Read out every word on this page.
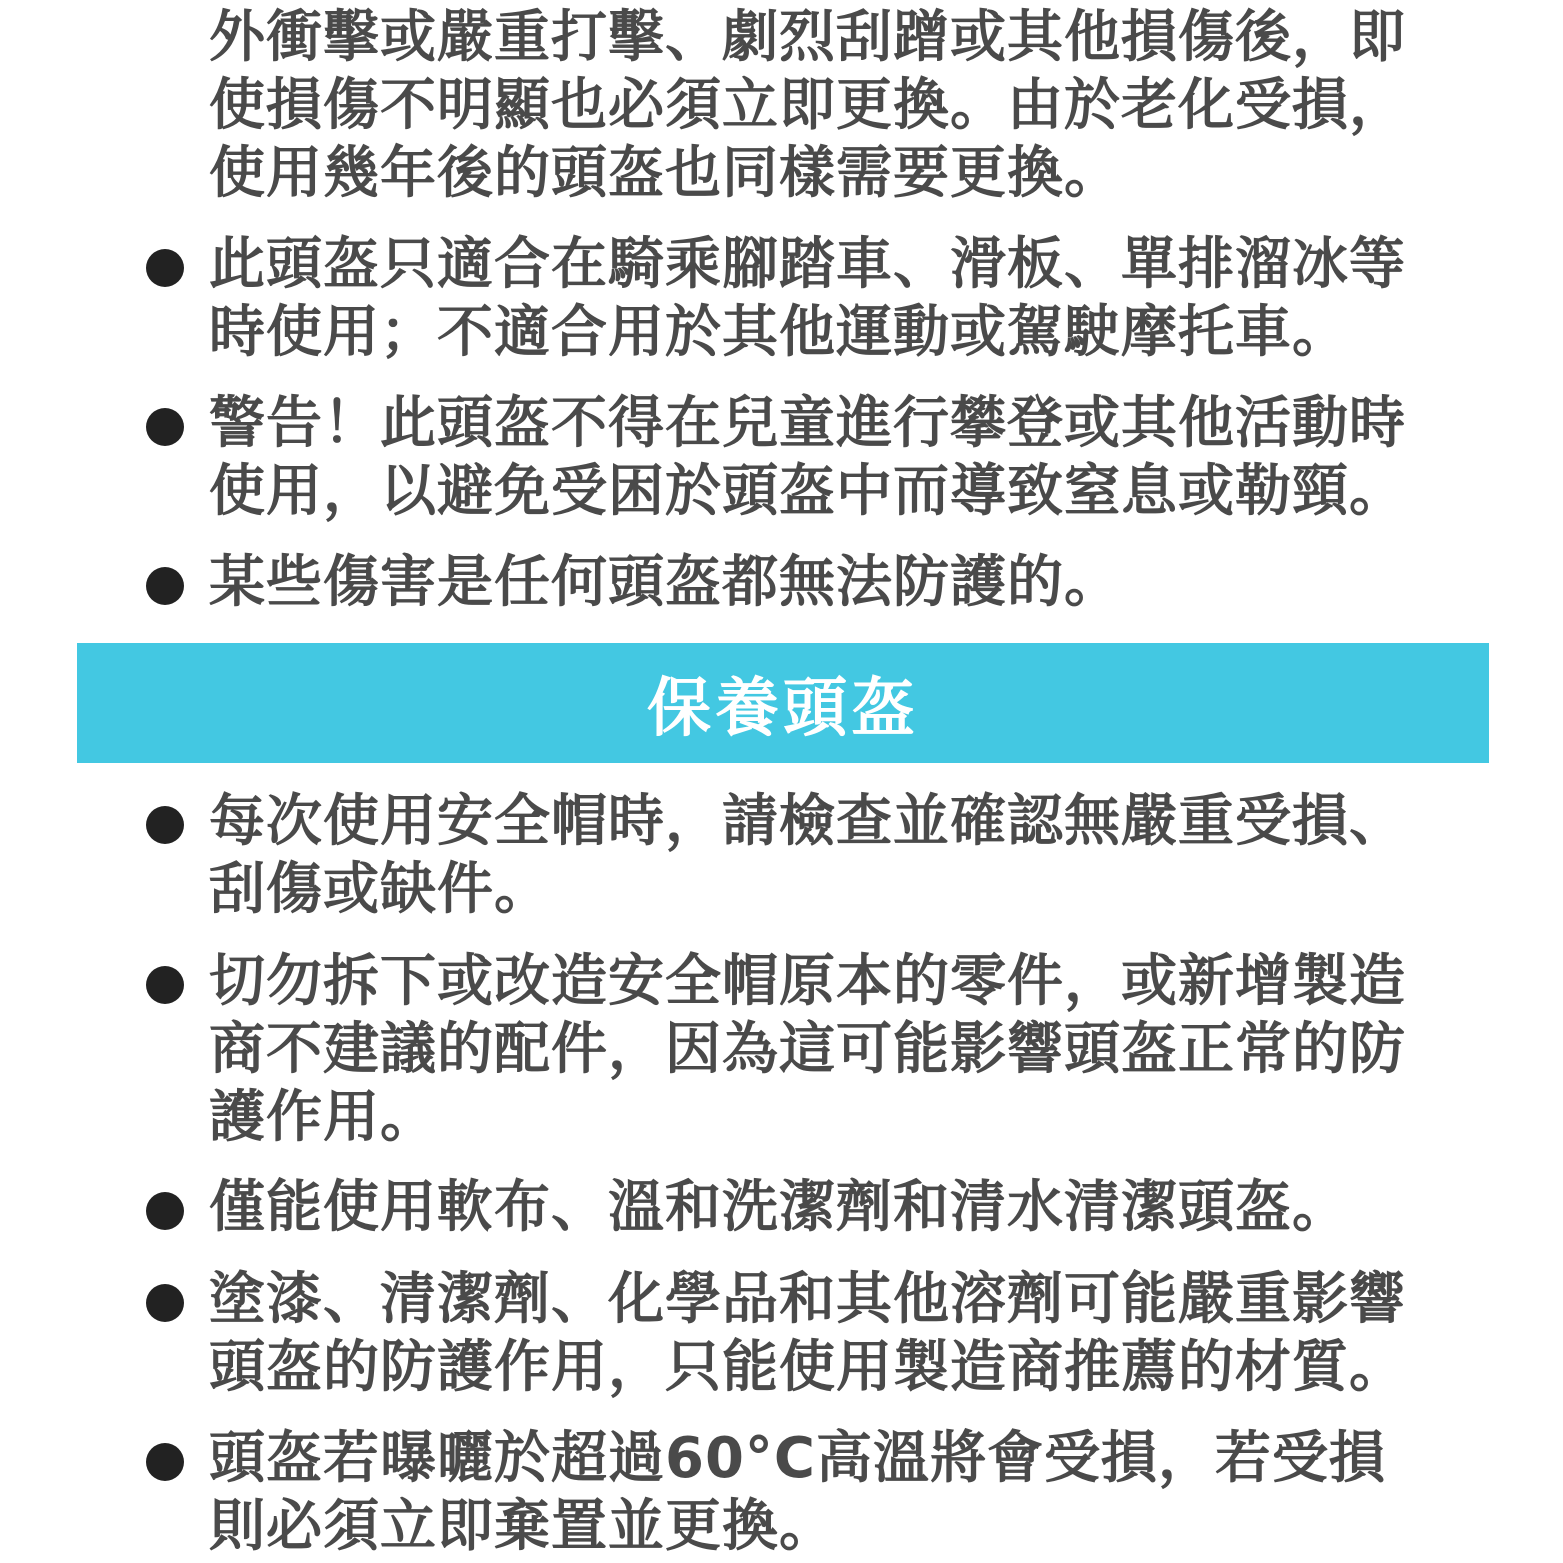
外衝擊或嚴重打擊、劇烈刮蹭或其他損傷後，即使損傷不明顯也必須立即更換。由於老化受損，使用幾年後的頭盔也同樣需要更換。
此頭盔只適合在騎乘腳踏車、滑板、單排溜冰等時使用；不適合用於其他運動或駕駛摩托車。
警告！此頭盔不得在兒童進行攀登或其他活動時使用，以避免受困於頭盔中而導致窒息或勒頸。
某些傷害是任何頭盔都無法防護的。
保養頭盔
每次使用安全帽時，請檢查並確認無嚴重受損、刮傷或缺件。
切勿拆下或改造安全帽原本的零件，或新增製造商不建議的配件，因為這可能影響頭盔正常的防護作用。
僅能使用軟布、溫和洗潔劑和清水清潔頭盔。
塗漆、清潔劑、化學品和其他溶劑可能嚴重影響頭盔的防護作用，只能使用製造商推薦的材質。
頭盔若曝曬於超過60°C高溫將會受損，若受損則必須立即棄置並更換。
